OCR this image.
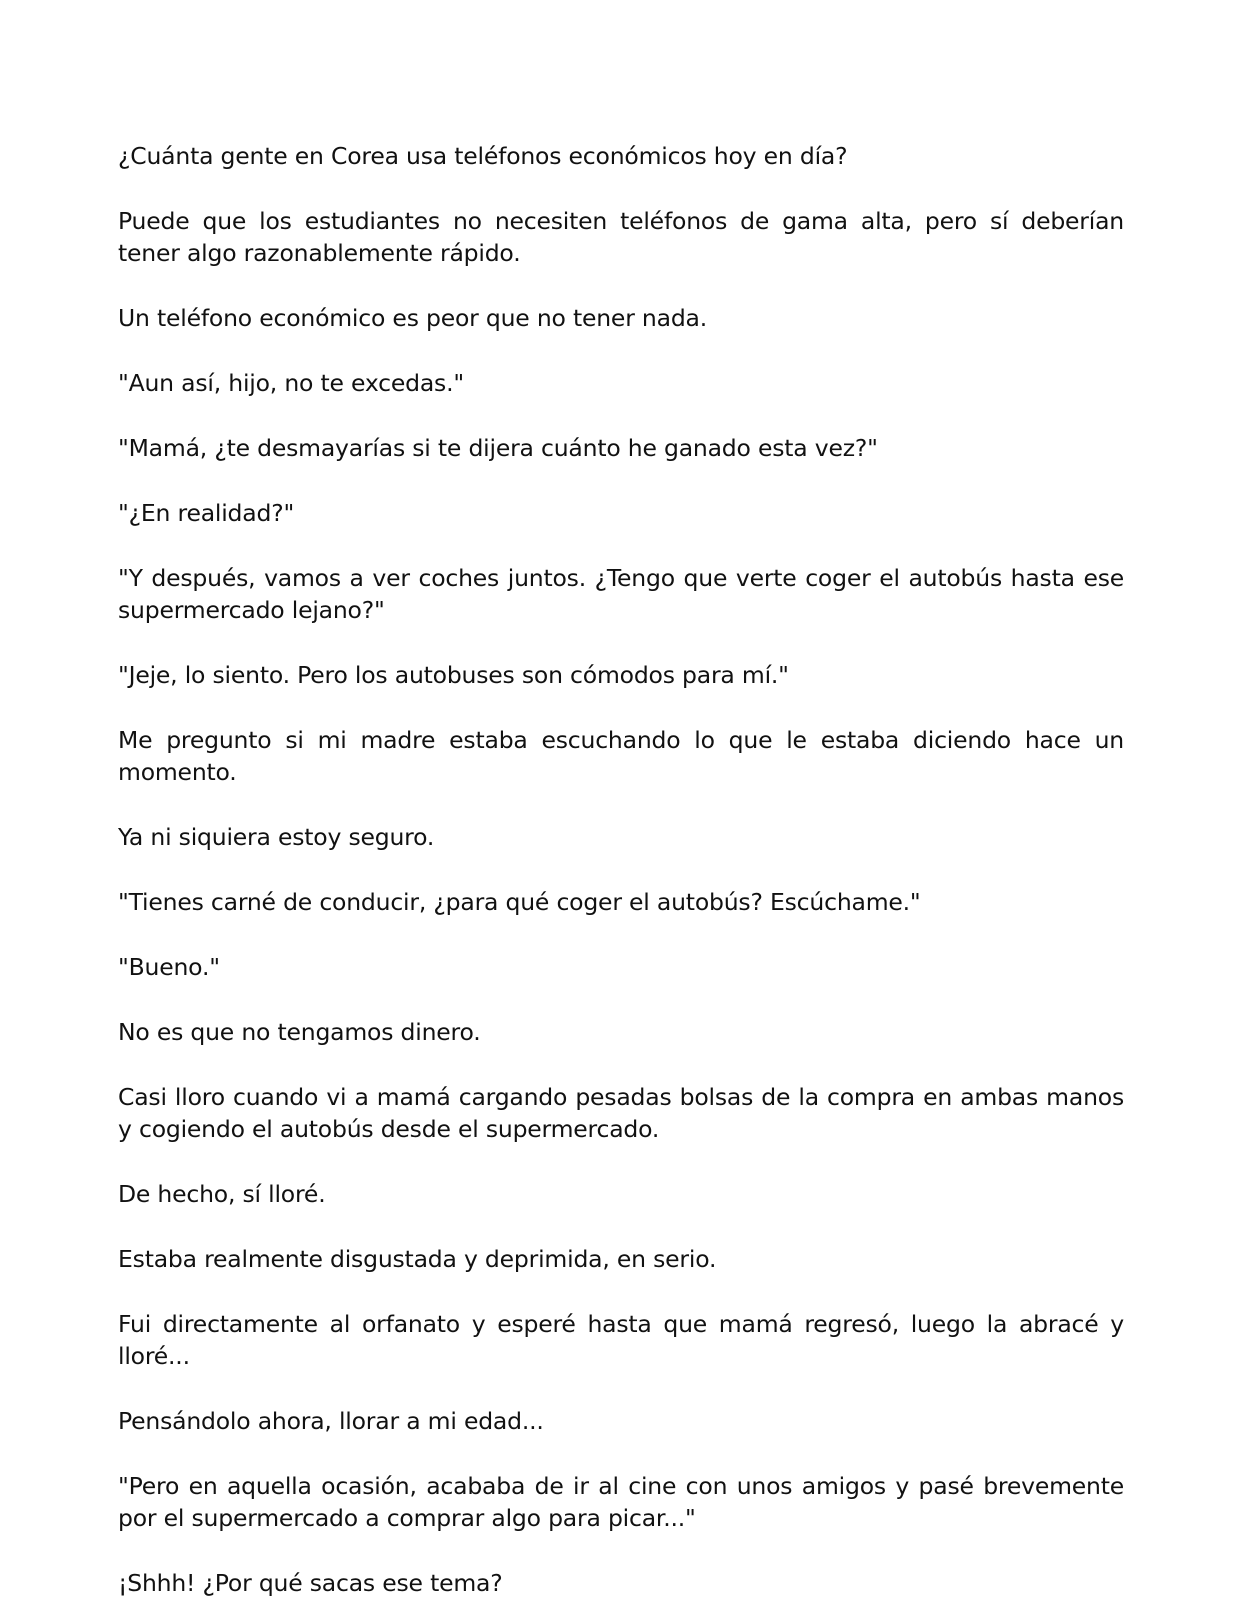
¿Cuánta gente en Corea usa teléfonos económicos hoy en día?

Puede que los estudiantes no necesiten teléfonos de gama alta, pero sí deberían tener algo razonablemente rápido.

Un teléfono económico es peor que no tener nada.

"Aun así, hijo, no te excedas."

"Mamá, ¿te desmayarías si te dijera cuánto he ganado esta vez?"

"¿En realidad?"

"Y después, vamos a ver coches juntos. ¿Tengo que verte coger el autobús hasta ese supermercado lejano?"

"Jeje, lo siento. Pero los autobuses son cómodos para mí."

Me pregunto si mi madre estaba escuchando lo que le estaba diciendo hace un momento.

Ya ni siquiera estoy seguro.

"Tienes carné de conducir, ¿para qué coger el autobús? Escúchame."

"Bueno."

No es que no tengamos dinero.

Casi lloro cuando vi a mamá cargando pesadas bolsas de la compra en ambas manos y cogiendo el autobús desde el supermercado.

De hecho, sí lloré.

Estaba realmente disgustada y deprimida, en serio.

Fui directamente al orfanato y esperé hasta que mamá regresó, luego la abracé y lloré...

Pensándolo ahora, llorar a mi edad...

"Pero en aquella ocasión, acababa de ir al cine con unos amigos y pasé brevemente por el supermercado a comprar algo para picar..."

¡Shhh! ¿Por qué sacas ese tema?
